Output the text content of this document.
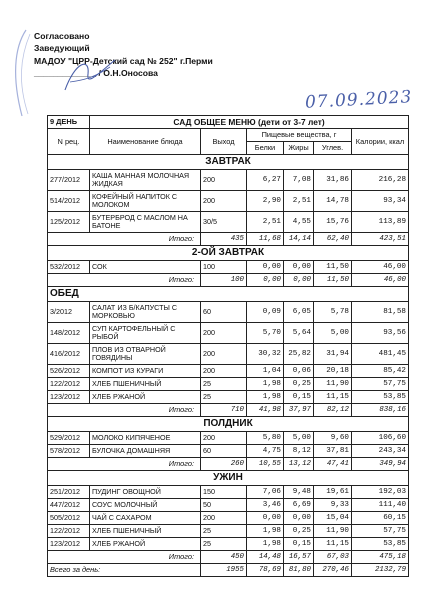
Согласовано
Заведующий
МАДОУ "ЦРР-Детский сад № 252" г.Перми
_____________ / О.Н.Оносова
07.09.2023
9 ДЕНЬ	САД ОБЩЕЕ МЕНЮ (дети от 3-7 лет)					
N рец.	Наименование блюда	Выход	Пищевые вещества, г			Калории, ккал
			Белки	Жиры	Углев.	
ЗАВТРАК						
277/2012	КАША МАННАЯ МОЛОЧНАЯ ЖИДКАЯ	200	6,27	7,08	31,86	216,28
514/2012	КОФЕЙНЫЙ НАПИТОК С МОЛОКОМ	200	2,90	2,51	14,78	93,34
125/2012	БУТЕРБРОД С МАСЛОМ НА БАТОНЕ	30/5	2,51	4,55	15,76	113,89
Итого:		435	11,68	14,14	62,40	423,51
2-ОЙ ЗАВТРАК						
532/2012	СОК	100	0,00	0,00	11,50	46,00
Итого:		100	0,00	0,00	11,50	46,00
ОБЕД						
3/2012	САЛАТ ИЗ Б/КАПУСТЫ С МОРКОВЬЮ	60	0,09	6,05	5,78	81,58
148/2012	СУП КАРТОФЕЛЬНЫЙ С РЫБОЙ	200	5,70	5,64	5,00	93,56
416/2012	ПЛОВ ИЗ ОТВАРНОЙ ГОВЯДИНЫ	200	30,32	25,82	31,94	481,45
526/2012	КОМПОТ ИЗ КУРАГИ	200	1,04	0,06	20,18	85,42
122/2012	ХЛЕБ ПШЕНИЧНЫЙ	25	1,98	0,25	11,90	57,75
123/2012	ХЛЕБ РЖАНОЙ	25	1,98	0,15	11,15	53,85
Итого:		710	41,98	37,97	82,12	838,16
ПОЛДНИК						
529/2012	МОЛОКО КИПЯЧЕНОЕ	200	5,80	5,00	9,60	106,60
578/2012	БУЛОЧКА ДОМАШНЯЯ	60	4,75	8,12	37,81	243,34
Итого:		260	10,55	13,12	47,41	349,94
УЖИН						
251/2012	ПУДИНГ ОВОЩНОЙ	150	7,06	9,48	19,61	192,03
447/2012	СОУС МОЛОЧНЫЙ	50	3,46	6,69	9,33	111,40
505/2012	ЧАЙ С САХАРОМ	200	0,00	0,00	15,04	60,15
122/2012	ХЛЕБ ПШЕНИЧНЫЙ	25	1,98	0,25	11,90	57,75
123/2012	ХЛЕБ РЖАНОЙ	25	1,98	0,15	11,15	53,85
Итого:		450	14,48	16,57	67,03	475,18
Всего за день:		1955	78,69	81,80	270,46	2132,79
